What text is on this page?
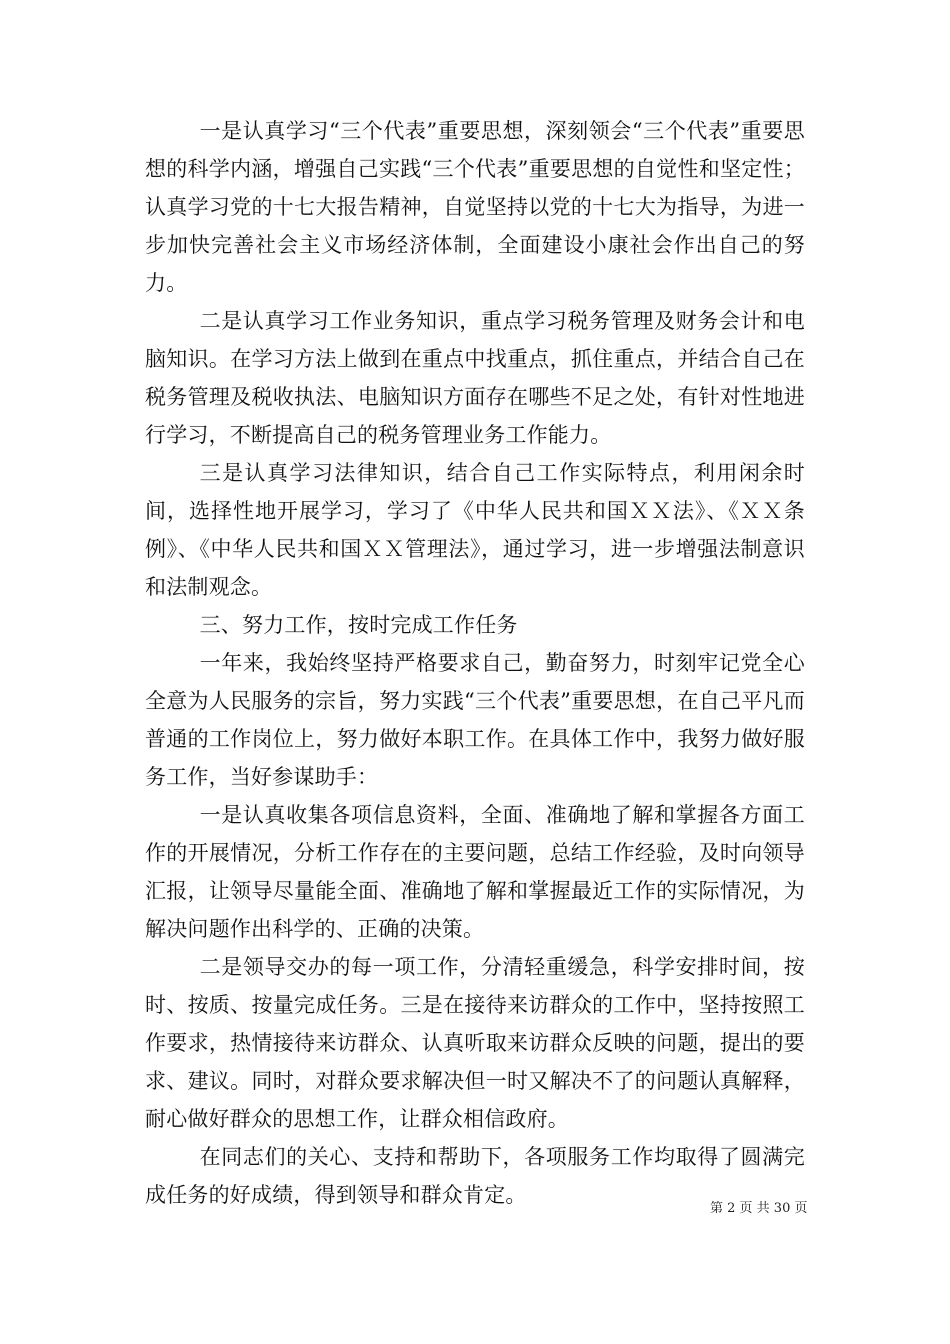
一是认真学习“三个代表”重要思想，深刻领会“三个代表”重要思想的科学内涵，增强自己实践“三个代表”重要思想的自觉性和坚定性；认真学习党的十七大报告精神，自觉坚持以党的十七大为指导，为进一步加快完善社会主义市场经济体制，全面建设小康社会作出自己的努力。

二是认真学习工作业务知识，重点学习税务管理及财务会计和电脑知识。在学习方法上做到在重点中找重点，抓住重点，并结合自己在税务管理及税收执法、电脑知识方面存在哪些不足之处，有针对性地进行学习，不断提高自己的税务管理业务工作能力。

三是认真学习法律知识，结合自己工作实际特点，利用闲余时间，选择性地开展学习，学习了《中华人民共和国ＸＸ法》、《ＸＸ条例》、《中华人民共和国ＸＸ管理法》，通过学习，进一步增强法制意识和法制观念。

三、努力工作，按时完成工作任务

一年来，我始终坚持严格要求自己，勤奋努力，时刻牢记党全心全意为人民服务的宗旨，努力实践“三个代表”重要思想，在自己平凡而普通的工作岗位上，努力做好本职工作。在具体工作中，我努力做好服务工作，当好参谋助手：

一是认真收集各项信息资料，全面、准确地了解和掌握各方面工作的开展情况，分析工作存在的主要问题，总结工作经验，及时向领导汇报，让领导尽量能全面、准确地了解和掌握最近工作的实际情况，为解决问题作出科学的、正确的决策。

二是领导交办的每一项工作，分清轻重缓急，科学安排时间，按时、按质、按量完成任务。三是在接待来访群众的工作中，坚持按照工作要求，热情接待来访群众、认真听取来访群众反映的问题，提出的要求、建议。同时，对群众要求解决但一时又解决不了的问题认真解释，耐心做好群众的思想工作，让群众相信政府。

在同志们的关心、支持和帮助下，各项服务工作均取得了圆满完成任务的好成绩，得到领导和群众肯定。

第 2 页 共 30 页
